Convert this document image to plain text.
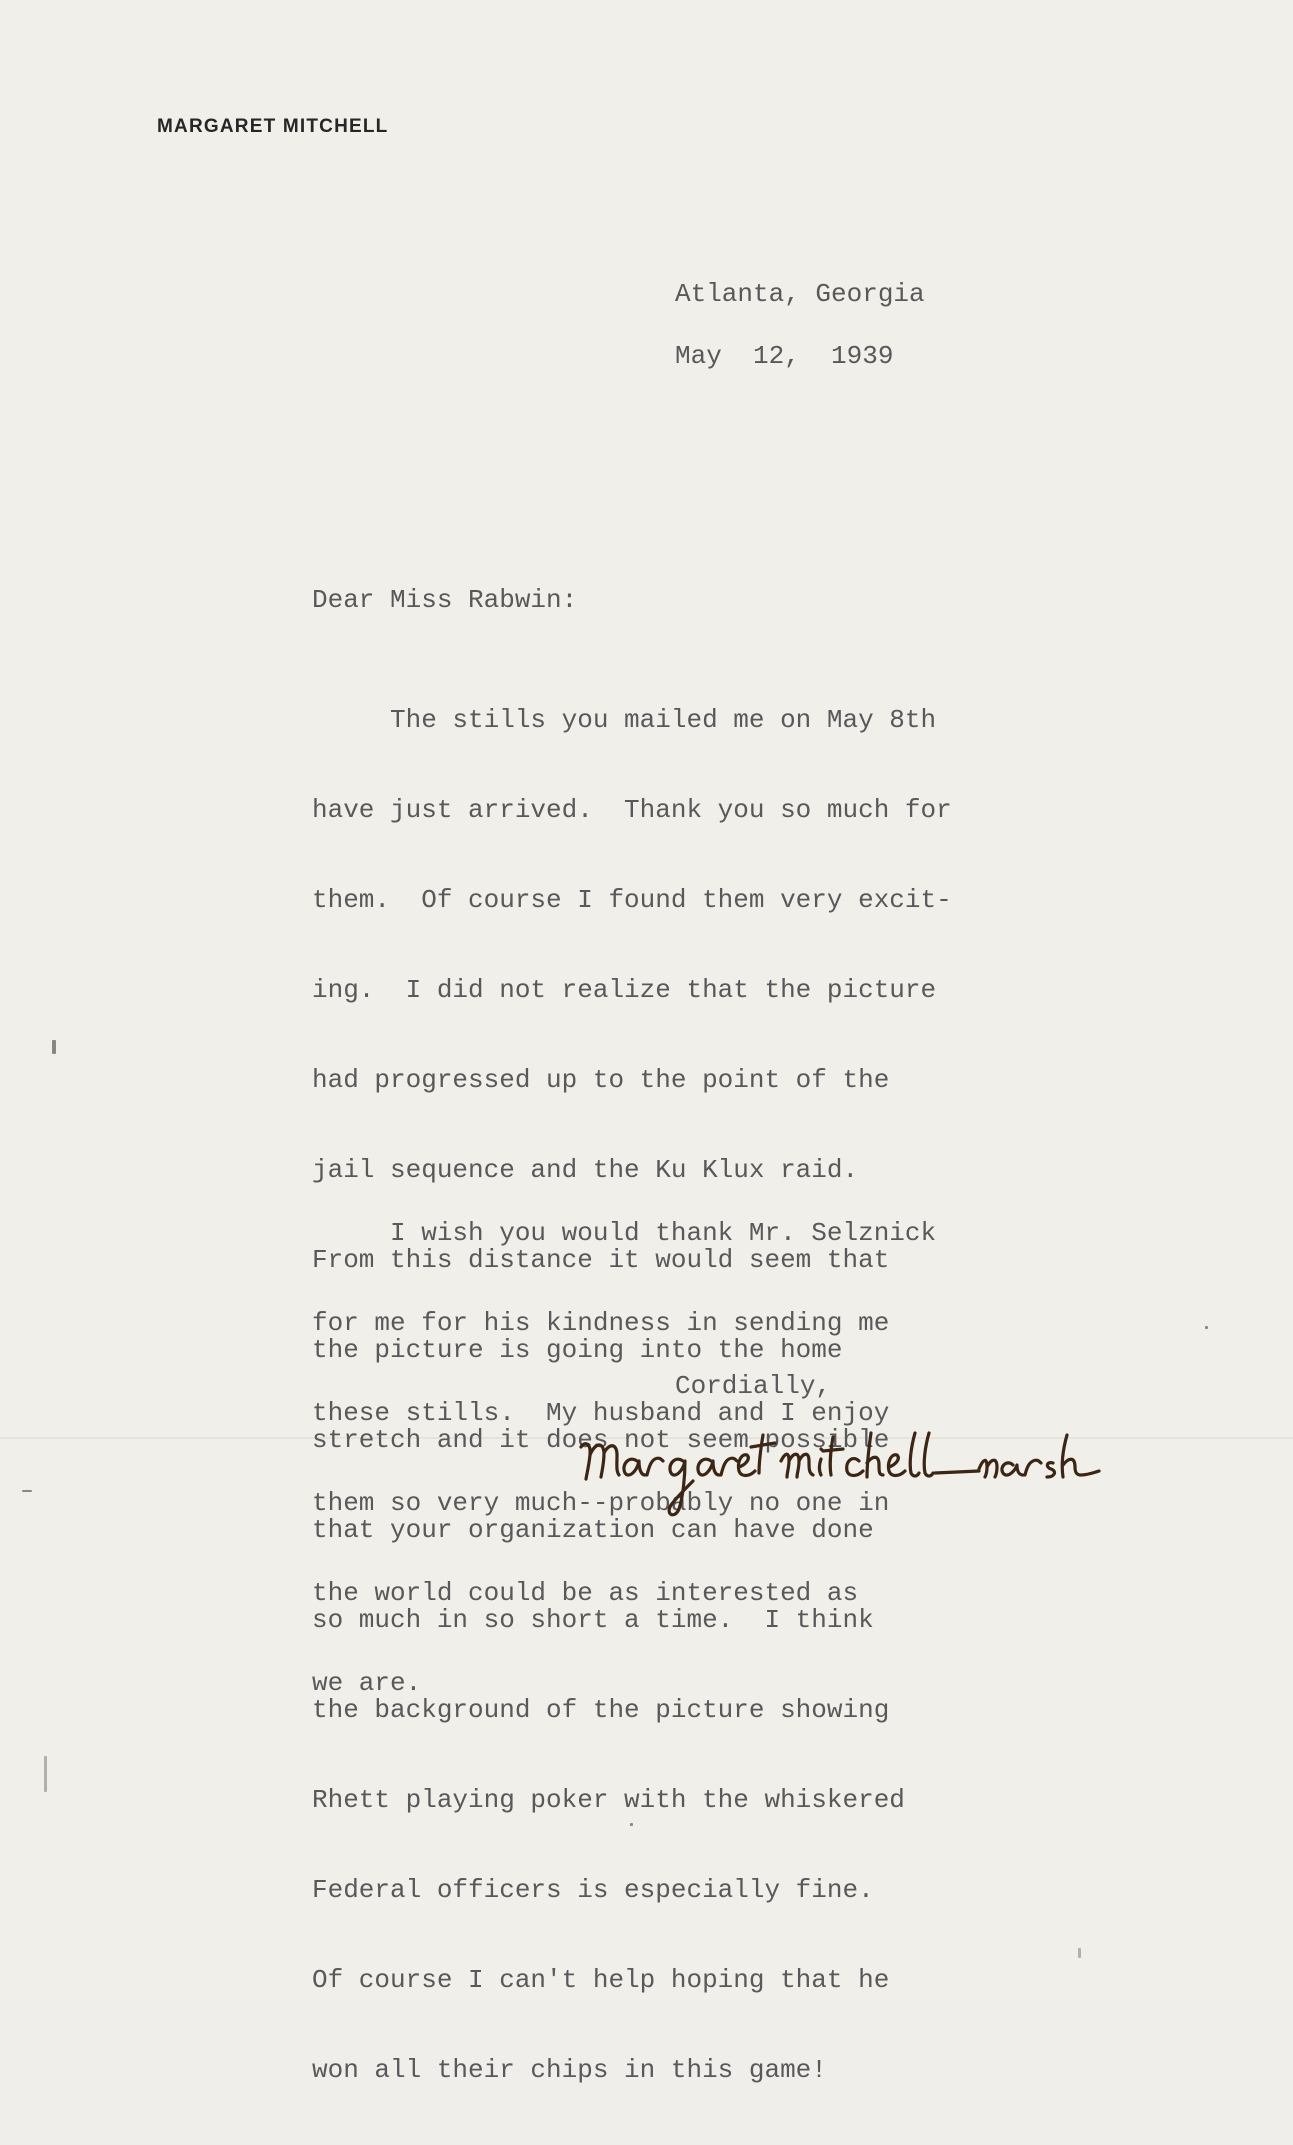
MARGARET MITCHELL
Atlanta, Georgia
May  12,  1939
Dear Miss Rabwin:

The stills you mailed me on May 8th

have just arrived.  Thank you so much for

them.  Of course I found them very excit-

ing.  I did not realize that the picture

had progressed up to the point of the

jail sequence and the Ku Klux raid.

From this distance it would seem that

the picture is going into the home

stretch and it does not seem possible

that your organization can have done

so much in so short a time.  I think

the background of the picture showing

Rhett playing poker with the whiskered

Federal officers is especially fine.

Of course I can't help hoping that he

won all their chips in this game!

I wish you would thank Mr. Selznick

for me for his kindness in sending me

these stills.  My husband and I enjoy

them so very much--probably no one in

the world could be as interested as

we are.

Cordially,
